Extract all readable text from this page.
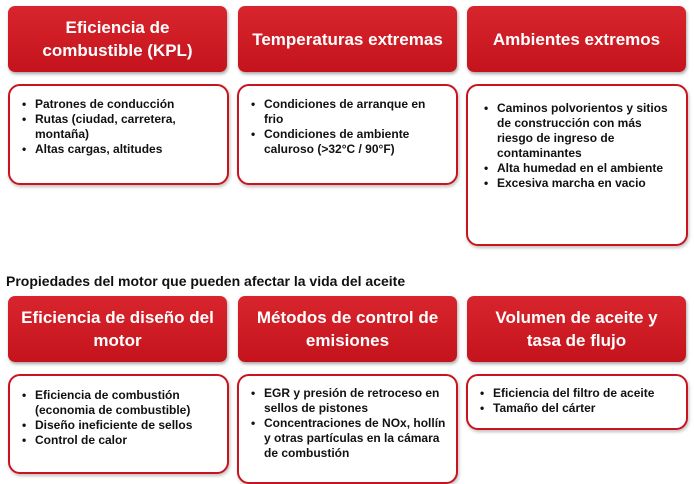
Eficiencia de
combustible (KPL)
Temperaturas extremas	Ambientes extremos
• Patrones de conducción
• Rutas (ciudad, carretera, montaña)
• Altas cargas, altitudes
• Condiciones de arranque en frio
• Condiciones de ambiente caluroso (>32°C / 90°F)
• Caminos polvorientos y sitios de construcción con más riesgo de ingreso de contaminantes
• Alta humedad en el ambiente
• Excesiva marcha en vacio
Propiedades del motor que pueden afectar la vida del aceite
Eficiencia de diseño del
motor
Métodos de control de
emisiones
Volumen de aceite y
tasa de flujo
• Eficiencia de combustión (economia de combustible)
• Diseño ineficiente de sellos
• Control de calor
• EGR y presión de retroceso en sellos de pistones
• Concentraciones de NOx, hollín y otras partículas en la cámara de combustión
• Eficiencia del filtro de aceite
• Tamaño del cárter
